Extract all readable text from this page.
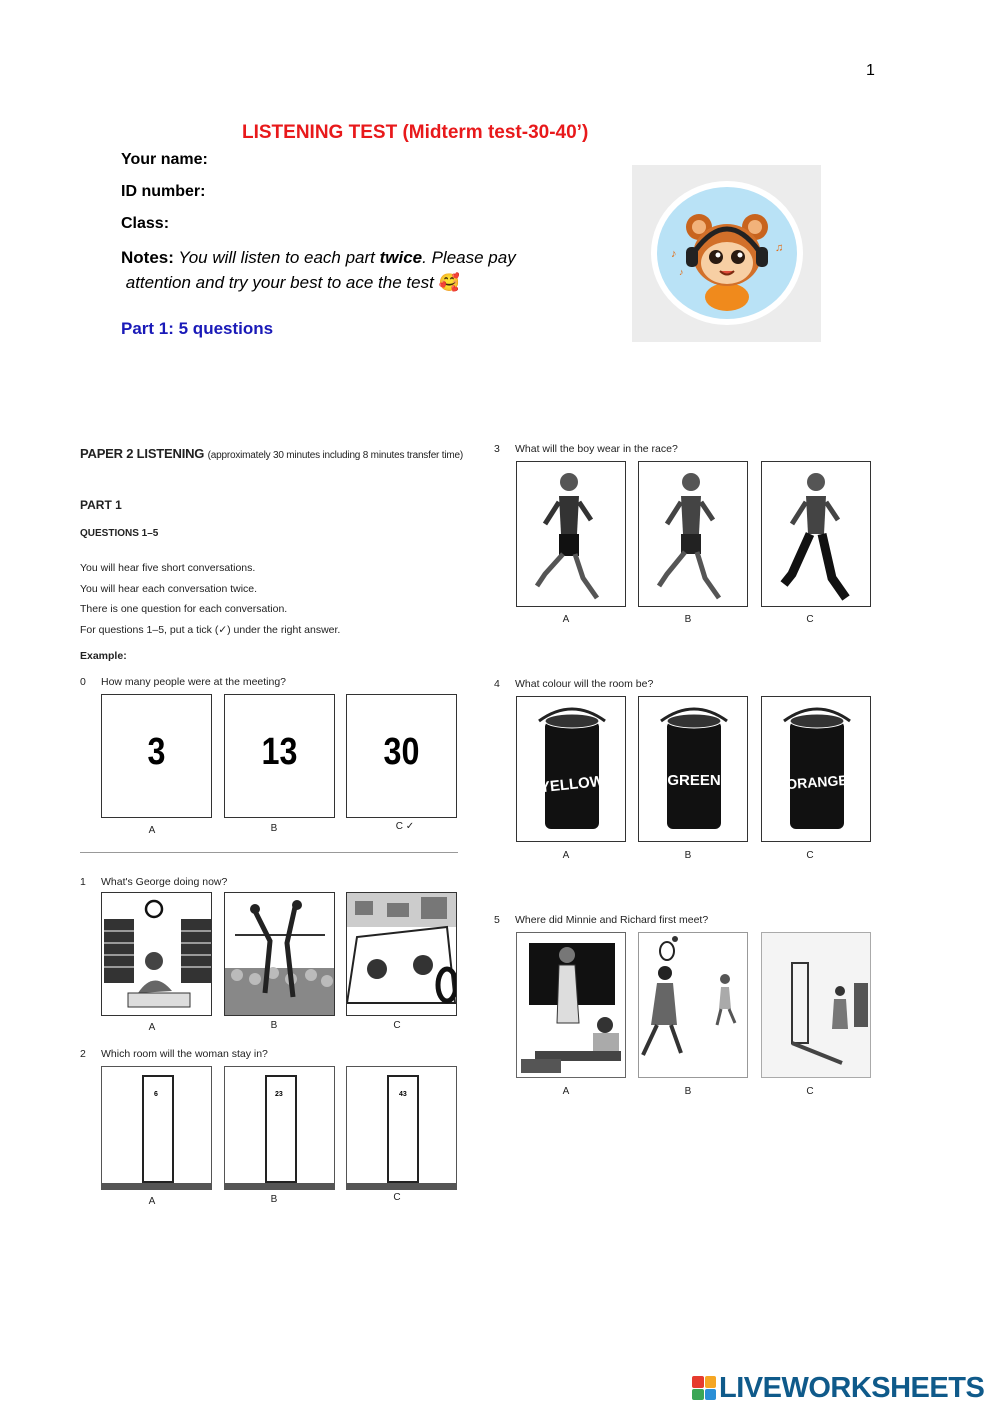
1
LISTENING TEST (Midterm test-30-40’)
Your name:
ID number:
Class:
Notes: You will listen to each part twice. Please pay
attention and try your best to ace the test 🥰
Part 1: 5 questions
♪	♫
♪
PAPER 2 LISTENING (approximately 30 minutes including 8 minutes transfer time)
PART 1
QUESTIONS 1–5
You will hear five short conversations.
You will hear each conversation twice.
There is one question for each conversation.
For questions 1–5, put a tick (✓) under the right answer.
Example:
0 How many people were at the meeting?
3	13	30
A	B	C ✓
1 What's George doing now?
A	B	C
2 Which room will the woman stay in?
6	23	43
A	B	C
3 What will the boy wear in the race?
A	B	C
4 What colour will the room be?
YELLOW	GREEN	ORANGE
A	B	C
5 Where did Minnie and Richard first meet?
A	B	C
LIVEWORKSHEETS
